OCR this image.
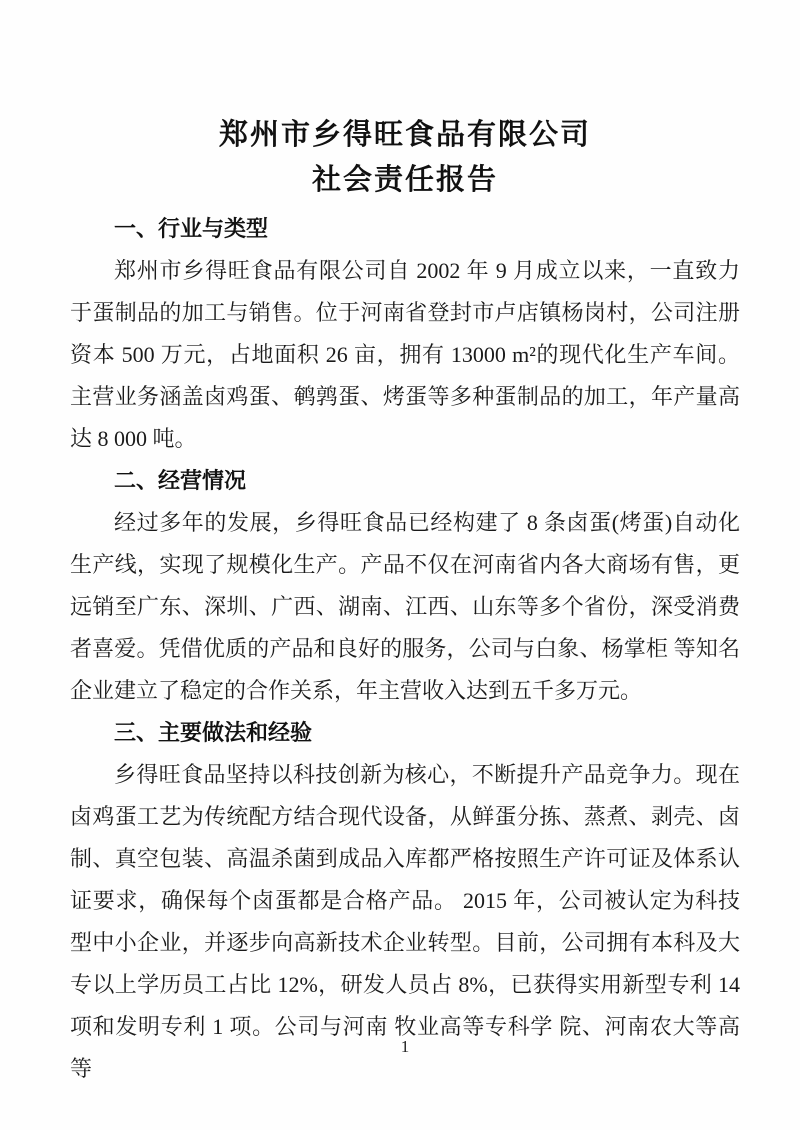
郑州市乡得旺食品有限公司
社会责任报告
一、行业与类型

郑州市乡得旺食品有限公司自 2002 年 9 月成立以来，一直致力于蛋制品的加工与销售。位于河南省登封市卢店镇杨岗村，公司注册资本 500 万元，占地面积 26 亩，拥有 13000 m²的现代化生产车间。主营业务涵盖卤鸡蛋、鹌鹑蛋、烤蛋等多种蛋制品的加工，年产量高达 8 000 吨。

二、经营情况

经过多年的发展，乡得旺食品已经构建了 8 条卤蛋(烤蛋)自动化生产线，实现了规模化生产。产品不仅在河南省内各大商场有售，更远销至广东、深圳、广西、湖南、江西、山东等多个省份，深受消费者喜爱。凭借优质的产品和良好的服务，公司与白象、杨掌柜 等知名企业建立了稳定的合作关系，年主营收入达到五千多万元。

三、主要做法和经验

乡得旺食品坚持以科技创新为核心，不断提升产品竞争力。现在卤鸡蛋工艺为传统配方结合现代设备，从鲜蛋分拣、蒸煮、剥壳、卤制、真空包装、高温杀菌到成品入库都严格按照生产许可证及体系认证要求，确保每个卤蛋都是合格产品。 2015 年，公司被认定为科技型中小企业，并逐步向高新技术企业转型。目前，公司拥有本科及大专以上学历员工占比 12%，研发人员占 8%，已获得实用新型专利 14 项和发明专利 1 项。公司与河南 牧业高等专科学 院、河南农大等高等

1
